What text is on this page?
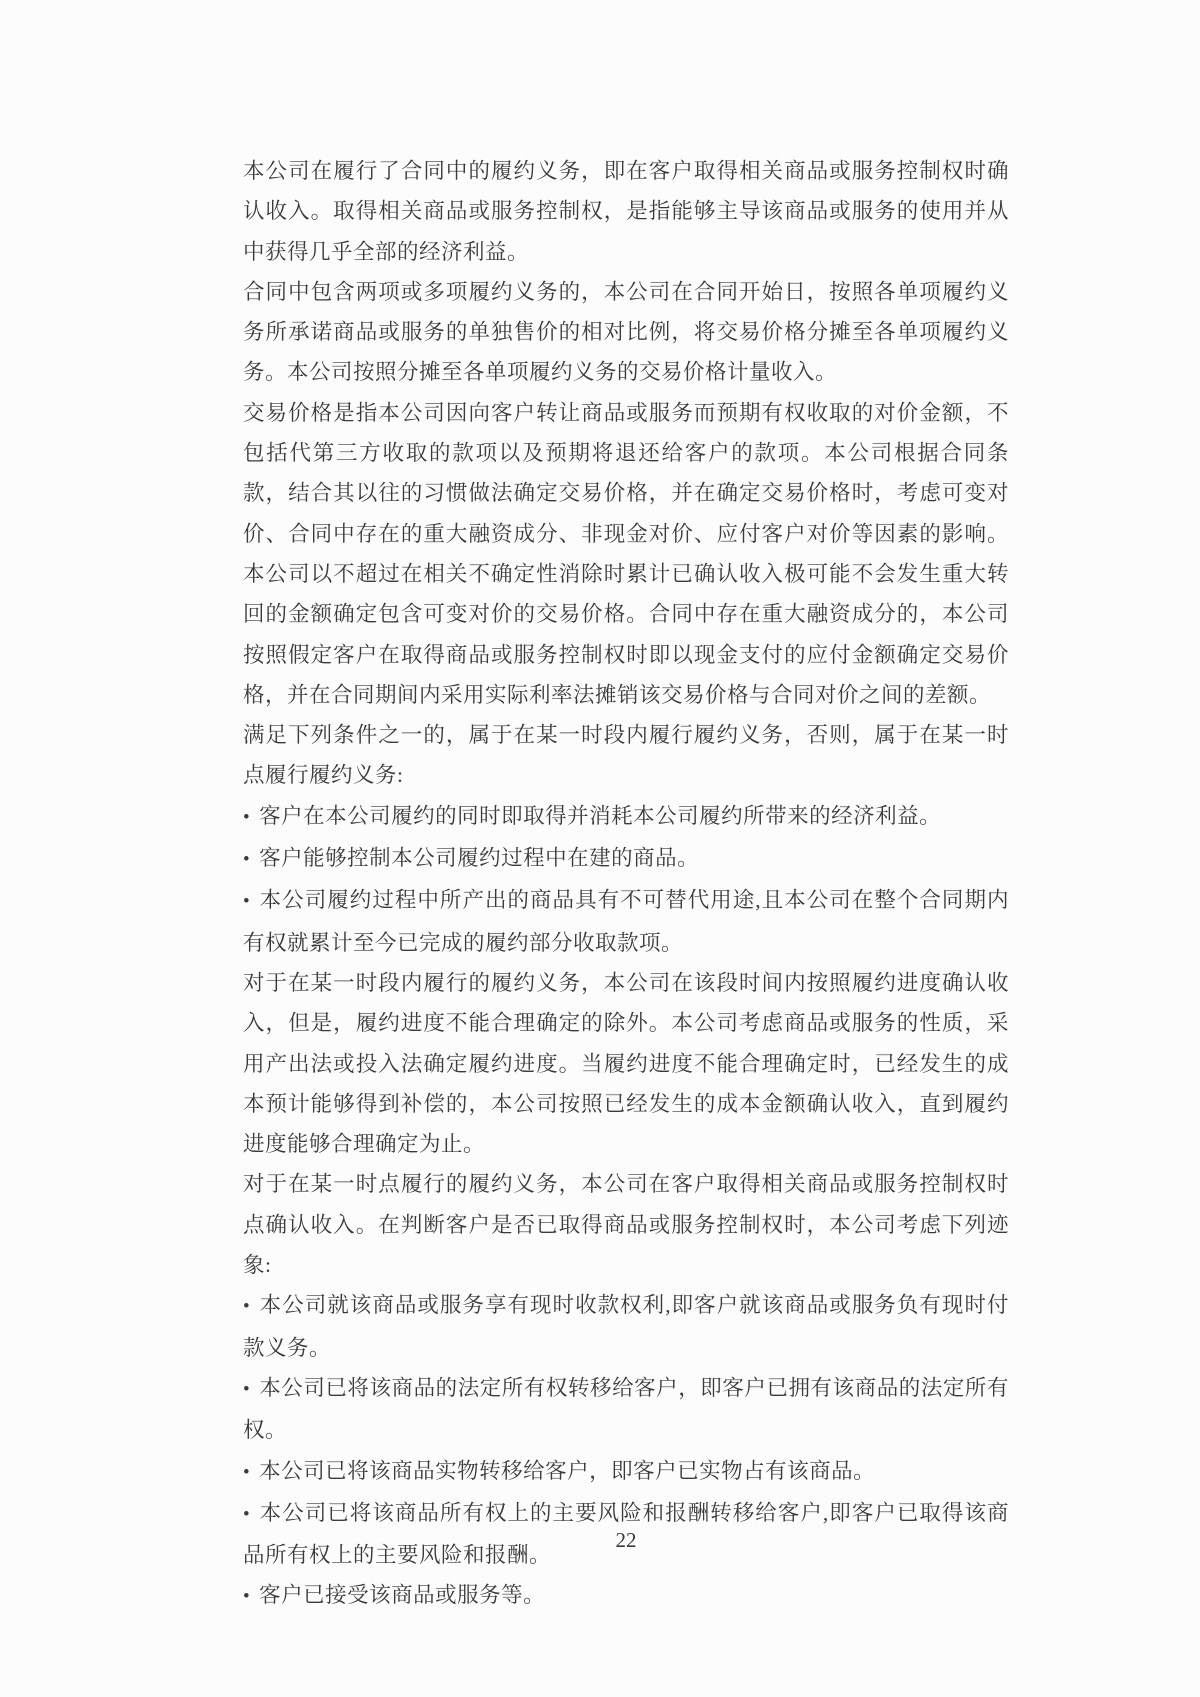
本公司在履行了合同中的履约义务，即在客户取得相关商品或服务控制权时确认收入。取得相关商品或服务控制权，是指能够主导该商品或服务的使用并从中获得几乎全部的经济利益。

合同中包含两项或多项履约义务的，本公司在合同开始日，按照各单项履约义务所承诺商品或服务的单独售价的相对比例，将交易价格分摊至各单项履约义务。本公司按照分摊至各单项履约义务的交易价格计量收入。

交易价格是指本公司因向客户转让商品或服务而预期有权收取的对价金额，不包括代第三方收取的款项以及预期将退还给客户的款项。本公司根据合同条款，结合其以往的习惯做法确定交易价格，并在确定交易价格时，考虑可变对价、合同中存在的重大融资成分、非现金对价、应付客户对价等因素的影响。本公司以不超过在相关不确定性消除时累计已确认收入极可能不会发生重大转回的金额确定包含可变对价的交易价格。合同中存在重大融资成分的，本公司按照假定客户在取得商品或服务控制权时即以现金支付的应付金额确定交易价格，并在合同期间内采用实际利率法摊销该交易价格与合同对价之间的差额。

满足下列条件之一的，属于在某一时段内履行履约义务，否则，属于在某一时点履行履约义务:

• 客户在本公司履约的同时即取得并消耗本公司履约所带来的经济利益。

• 客户能够控制本公司履约过程中在建的商品。

• 本公司履约过程中所产出的商品具有不可替代用途,且本公司在整个合同期内有权就累计至今已完成的履约部分收取款项。

对于在某一时段内履行的履约义务，本公司在该段时间内按照履约进度确认收入，但是，履约进度不能合理确定的除外。本公司考虑商品或服务的性质，采用产出法或投入法确定履约进度。当履约进度不能合理确定时，已经发生的成本预计能够得到补偿的，本公司按照已经发生的成本金额确认收入，直到履约进度能够合理确定为止。

对于在某一时点履行的履约义务，本公司在客户取得相关商品或服务控制权时点确认收入。在判断客户是否已取得商品或服务控制权时，本公司考虑下列迹象:

• 本公司就该商品或服务享有现时收款权利,即客户就该商品或服务负有现时付款义务。

• 本公司已将该商品的法定所有权转移给客户，即客户已拥有该商品的法定所有权。

• 本公司已将该商品实物转移给客户，即客户已实物占有该商品。

• 本公司已将该商品所有权上的主要风险和报酬转移给客户,即客户已取得该商品所有权上的主要风险和报酬。

• 客户已接受该商品或服务等。

22
